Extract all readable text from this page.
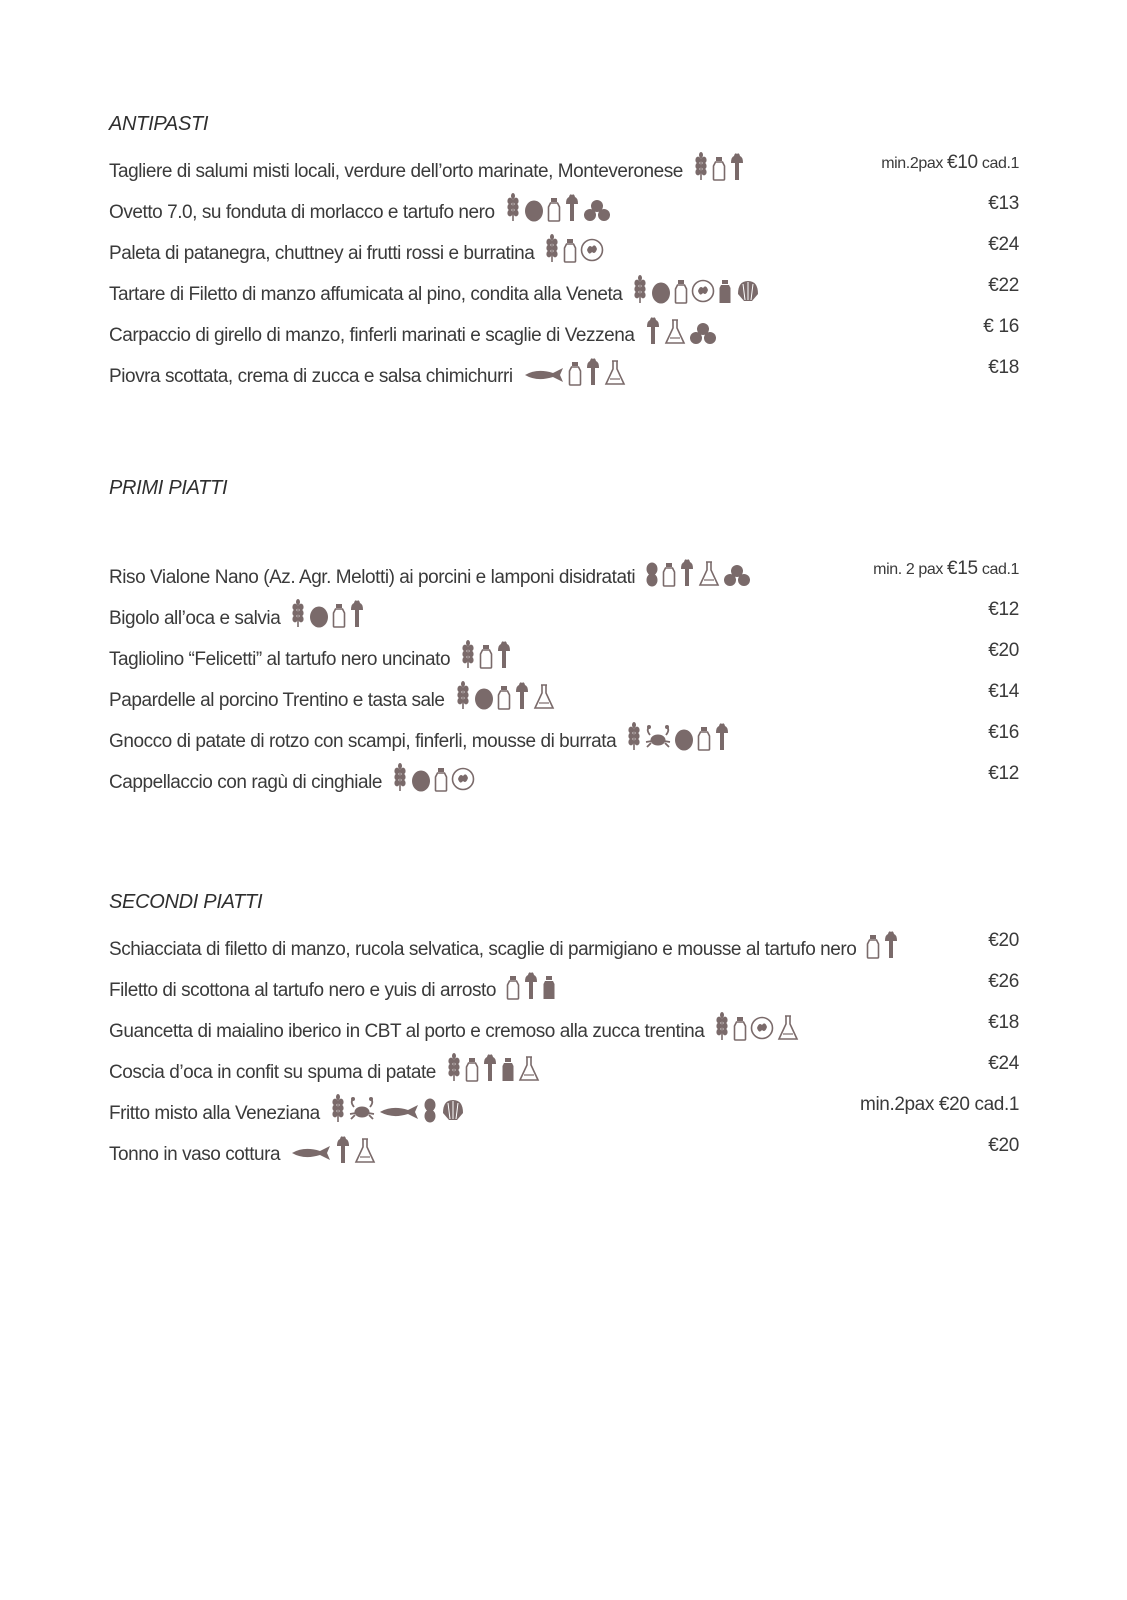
ANTIPASTI
Tagliere di salumi misti locali, verdure dell’orto marinate, Monteveronese	min.2pax €10 cad.1
Ovetto 7.0, su fonduta di morlacco e tartufo nero	€13
Paleta di patanegra, chuttney ai frutti rossi e burratina	€24
Tartare di Filetto di manzo affumicata al pino, condita alla Veneta	€22
Carpaccio di girello di manzo, finferli marinati e scaglie di Vezzena	€ 16
Piovra scottata, crema di zucca e salsa chimichurri	€18
PRIMI PIATTI
Riso Vialone Nano (Az. Agr. Melotti) ai porcini e lamponi disidratati	min. 2 pax €15 cad.1
Bigolo all’oca e salvia	€12
Tagliolino “Felicetti” al tartufo nero uncinato	€20
Papardelle al porcino Trentino e tasta sale	€14
Gnocco di patate di rotzo con scampi, finferli, mousse di burrata	€16
Cappellaccio con ragù di cinghiale	€12
SECONDI PIATTI
Schiacciata di filetto di manzo, rucola selvatica, scaglie di parmigiano e mousse al tartufo nero	€20
Filetto di scottona al tartufo nero e yuis di arrosto	€26
Guancetta di maialino iberico in CBT al porto e cremoso alla zucca trentina	€18
Coscia d’oca in confit su spuma di patate	€24
Fritto misto alla Veneziana	min.2pax €20 cad.1
Tonno in vaso cottura	€20
